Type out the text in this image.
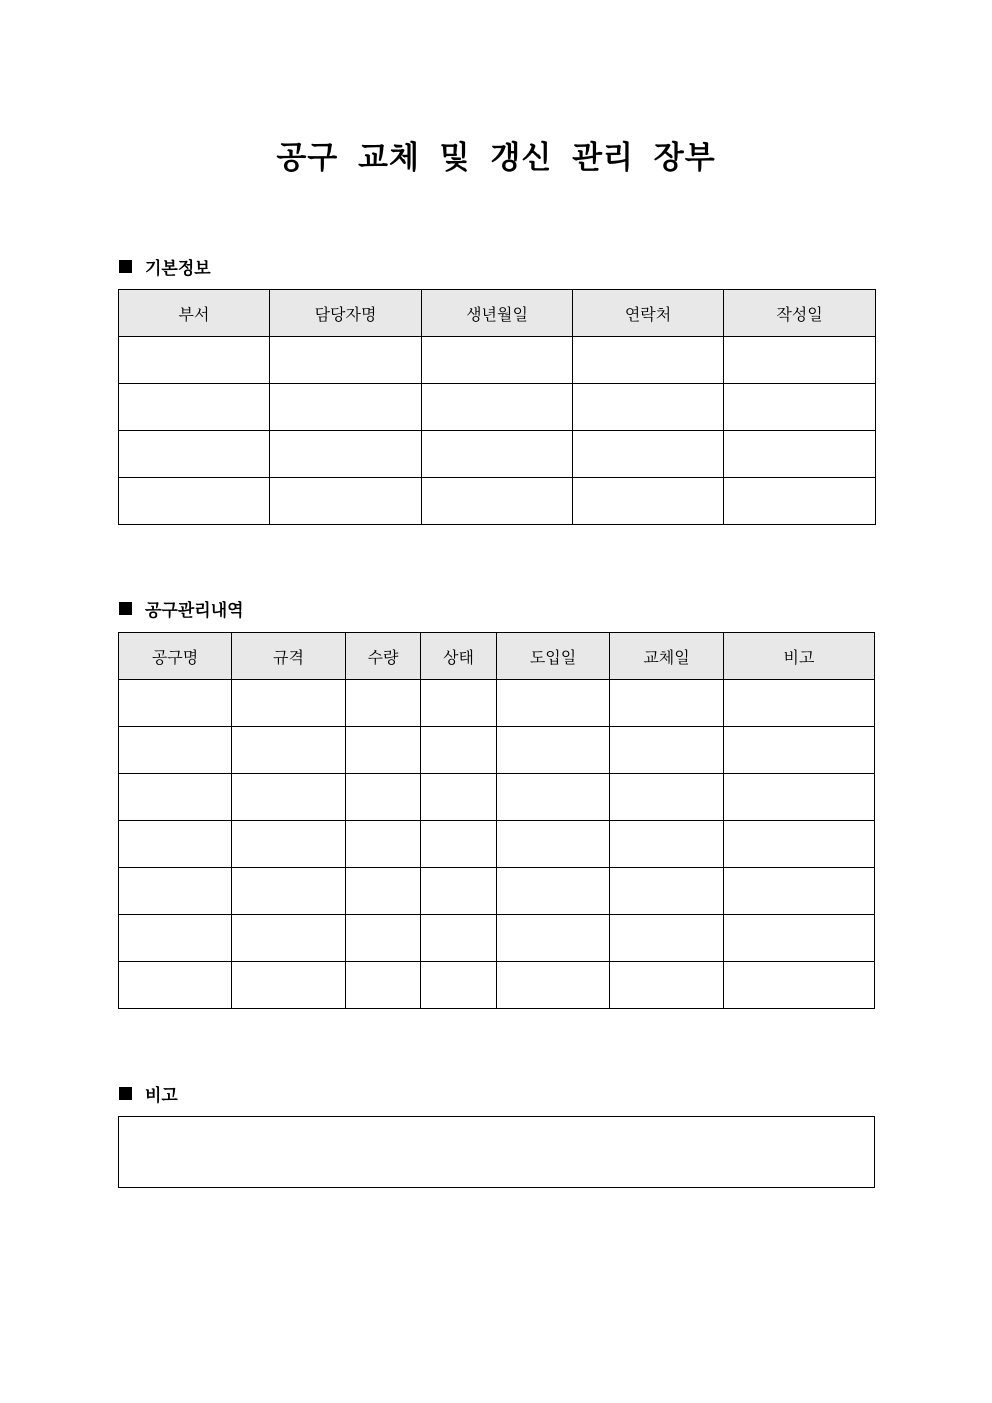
공구 교체 및 갱신 관리 장부
기본정보
부서	담당자명	생년월일	연락처	작성일

공구관리내역
공구명	규격	수량	상태	도입일	교체일	비고

비고
